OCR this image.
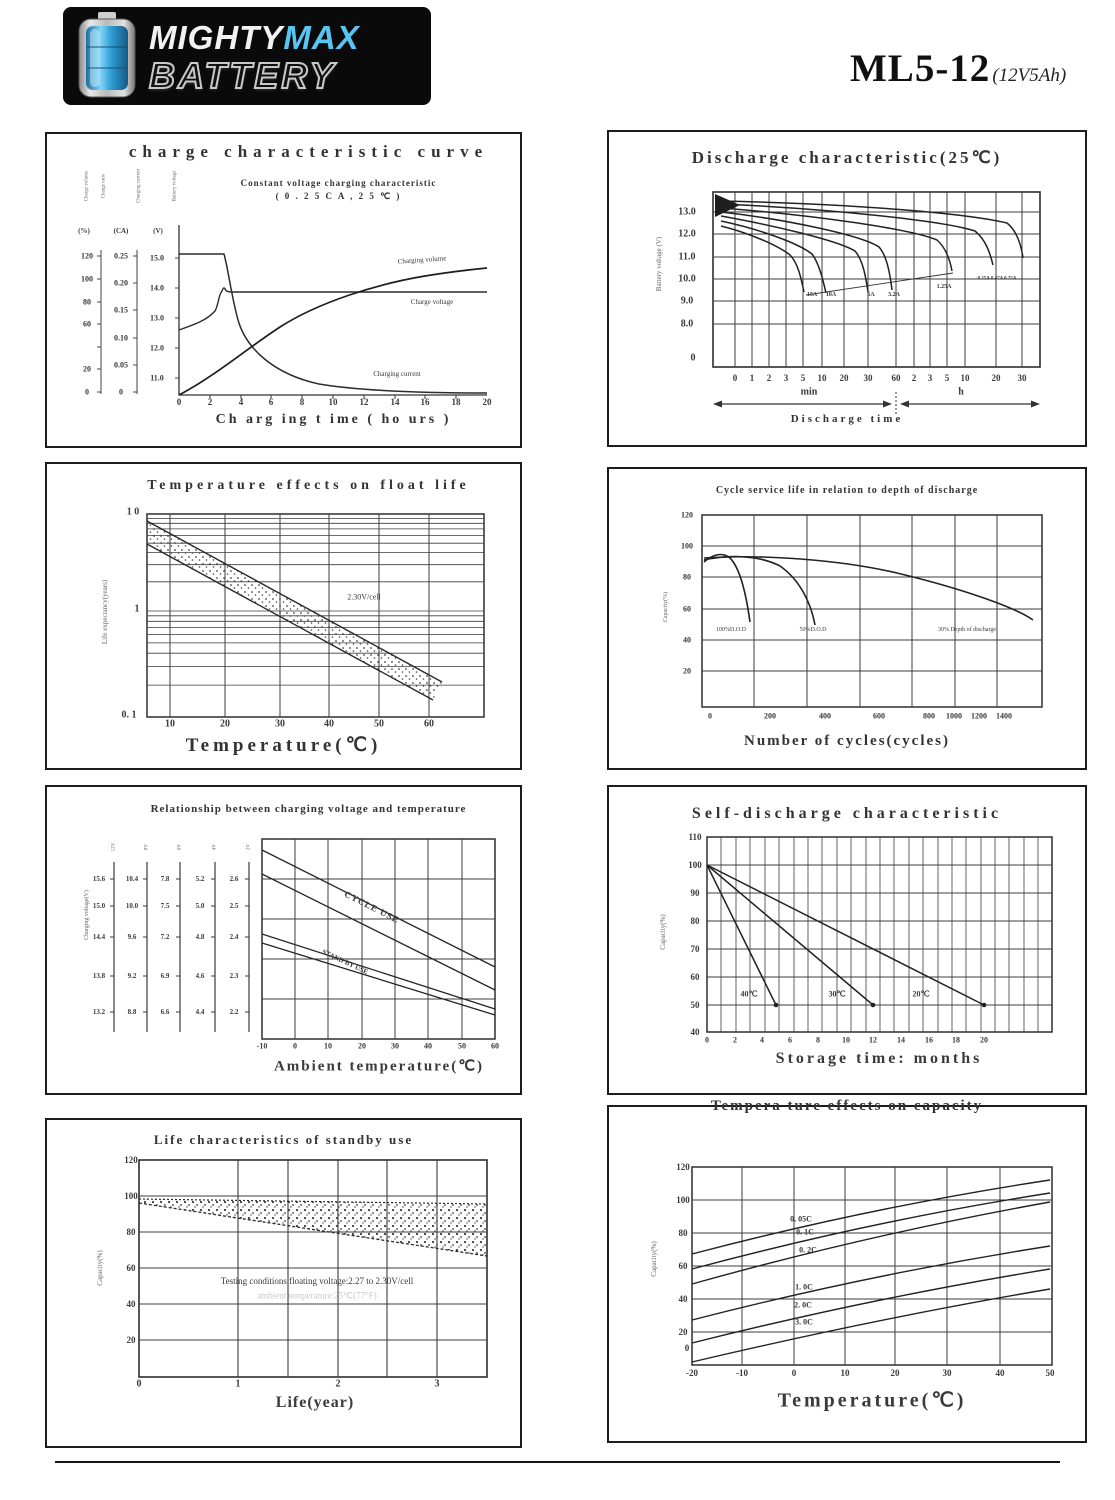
MIGHTYMAX
BATTERY	ML5-12 (12V5Ah)
charge characteristic curve
Constant voltage charging characteristic
( 0 . 2 5 C A , 2 5 ℃ )
Charge volume Charge ratio	Charging current	Battery voltage
(%)	(CA)	(V)
120
100
80
60
20
0
0.25
0.20
0.15
0.10
0.05
0
15.0
14.0
13.0
12.0
11.0
0	2	4	6	8	10 12 14 16 18 20
Ch arg ing t ime ( ho urs )
Charging volume
Charge voltage
Charging current
Discharge characteristic(25℃)
Battery voltage (V)
13.0
12.0
11.0
10.0
9.0
8.0
0
0 1 2 3 5 10 20 30 60 2 3 5 10 20 30
min	h
Discharge time
15A 10A	5A 3.2A
1.25A
0.25A 0.47A 0.25A
Temperature effects on float life
Life expectancy(years)
1 0
1
0. 1
2.30V/cell
10	20	30	40	50	60
Temperature(℃)
Cycle service life in relation to depth of discharge
Capacity(%)
120
100
80
60
40
20
0	200	400	600	800 1000 1200 1400
100%D.O.D	50%D.O.D	30% Depth of discharge
Number of cycles(cycles)
Relationship between charging voltage and temperature
Charging voltage(V)
12V	8V	6V	4V	2V
15.6
15.0
14.4
13.8
13.2
10.4
10.0
9.6
9.2
8.8
7.8
7.5
7.2
6.9
6.6
5.2
5.0
4.8
4.6
4.4
2.6
2.5
2.4
2.3
2.2
CYCLE USE
STAND BY USE
-10	0	10	20	30	40	50	60
Ambient temperature(℃)
Self-discharge characteristic
Capacity(%)
110
100
90
80
70
60
50
40
40℃	30℃	20℃
0	2	4	6	8	10 12	14	16 18	20
Storage time: months
Life characteristics of standby use
Capacity(%)
120
100
80
60
40
20
Testing conditions floating voltage:2.27 to 2.30V/cell
ambient temperature:25℃(77°F)
0	1	2	3
Life(year)
Tempera ture effects on capacity
Capacity(%)
120
100
80
60
40
20
0
0. 05C
0. 1C
0. 2C
1. 0C
2. 0C
3. 0C
-20	-10	0	10	20	30	40	50
Temperature(℃)
